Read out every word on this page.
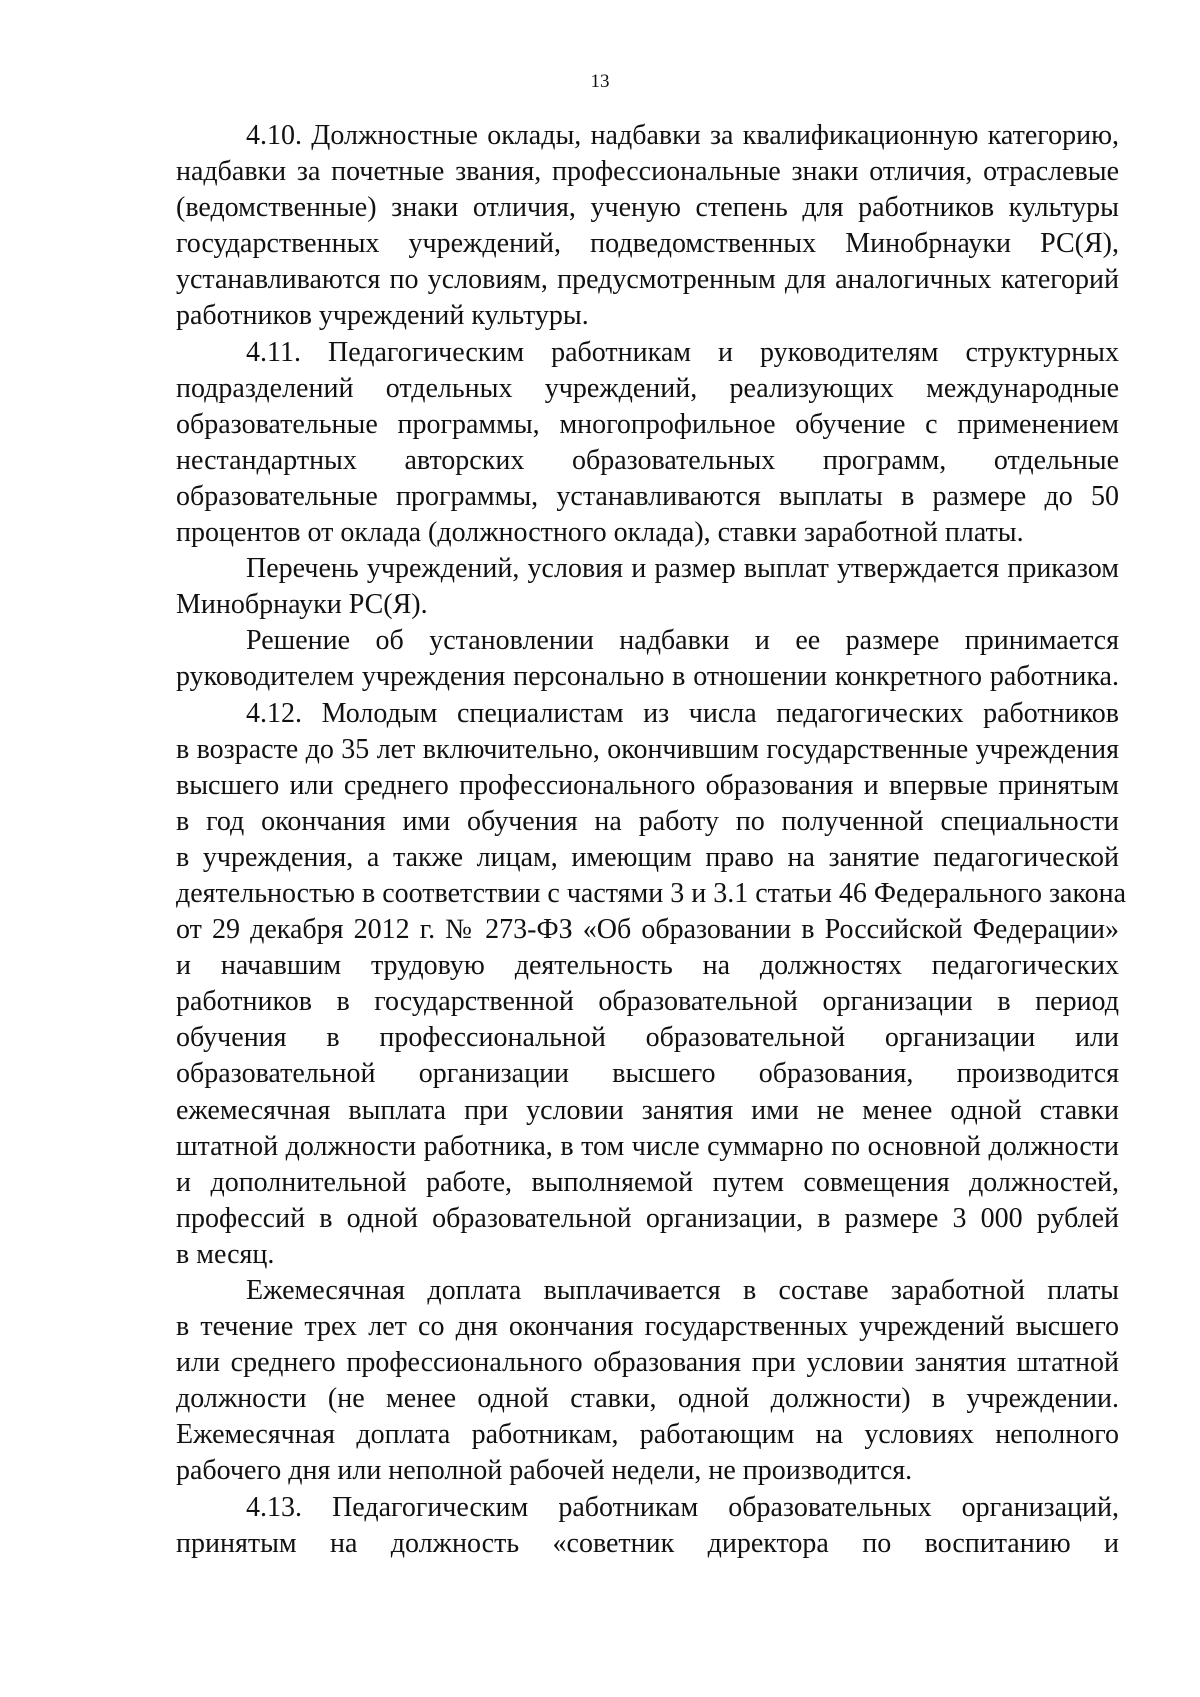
13
4.10. Должностные оклады, надбавки за квалификационную категорию,
надбавки за почетные звания, профессиональные знаки отличия, отраслевые
(ведомственные) знаки отличия, ученую степень для работников культуры
государственных учреждений, подведомственных Минобрнауки РС(Я),
устанавливаются по условиям, предусмотренным для аналогичных категорий
работников учреждений культуры.
4.11. Педагогическим работникам и руководителям структурных
подразделений отдельных учреждений, реализующих международные
образовательные программы, многопрофильное обучение с применением
нестандартных авторских образовательных программ, отдельные
образовательные программы, устанавливаются выплаты в размере до 50
процентов от оклада (должностного оклада), ставки заработной платы.
Перечень учреждений, условия и размер выплат утверждается приказом
Минобрнауки РС(Я).
Решение об установлении надбавки и ее размере принимается
руководителем учреждения персонально в отношении конкретного работника.
4.12. Молодым специалистам из числа педагогических работников
в возрасте до 35 лет включительно, окончившим государственные учреждения
высшего или среднего профессионального образования и впервые принятым
в год окончания ими обучения на работу по полученной специальности
в учреждения, а также лицам, имеющим право на занятие педагогической
деятельностью в соответствии с частями 3 и 3.1 статьи 46 Федерального закона
от 29 декабря 2012 г. № 273-ФЗ «Об образовании в Российской Федерации»
и начавшим трудовую деятельность на должностях педагогических
работников в государственной образовательной организации в период
обучения в профессиональной образовательной организации или
образовательной организации высшего образования, производится
ежемесячная выплата при условии занятия ими не менее одной ставки
штатной должности работника, в том числе суммарно по основной должности
и дополнительной работе, выполняемой путем совмещения должностей,
профессий в одной образовательной организации, в размере 3 000 рублей
в месяц.
Ежемесячная доплата выплачивается в составе заработной платы
в течение трех лет со дня окончания государственных учреждений высшего
или среднего профессионального образования при условии занятия штатной
должности (не менее одной ставки, одной должности) в учреждении.
Ежемесячная доплата работникам, работающим на условиях неполного
рабочего дня или неполной рабочей недели, не производится.
4.13. Педагогическим работникам образовательных организаций,
принятым на должность «советник директора по воспитанию и
